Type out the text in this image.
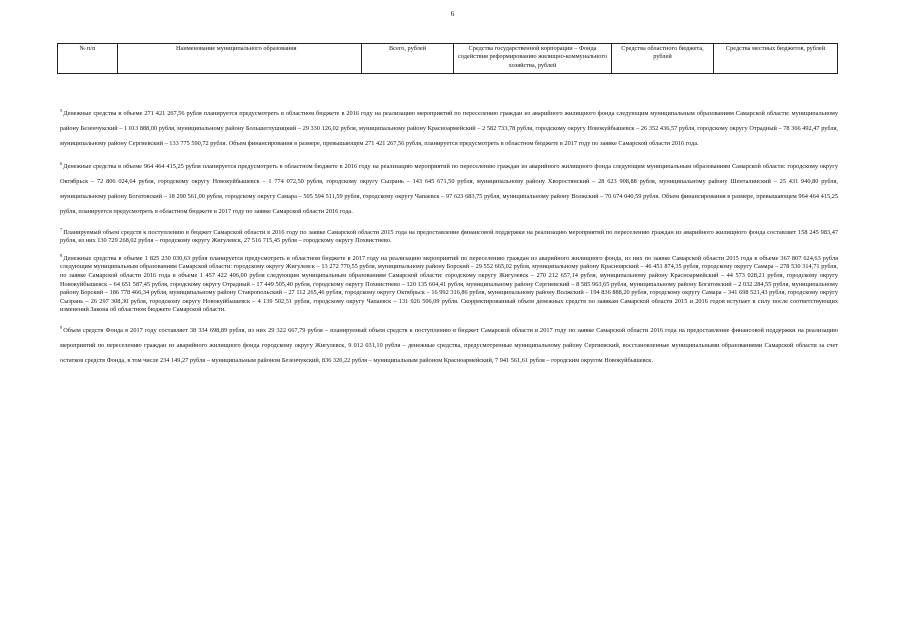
6
№ п/п	Наименование муниципального образования	Всего, рублей	Средства государственной корпорации – Фонда содействия реформированию жилищно-коммунального хозяйства, рублей	Средства областного бюджета, рублей	Средства местных бюджетов, рублей

$^5$Денежные средства в объеме 271 421 267,56 рубля планируется предусмотреть в областном бюджете в 2016 году на реализацию мероприятий по переселению граждан из аварийного жилищного фонда следующим муниципальным образованиям Самарской области: муниципальному району Безенчукский – 1 013 888,00 рубля, муниципальному району Большеглушицкий – 29 330 126,02 рубля, муниципальному району Красноармейский – 2 582 733,78 рубля, городскому округу Новокуйбышевск – 26 352 436,57 рубля, городскому округу Отрадный – 78 366 492,47 рубля, муниципальному району Сергиевский – 133 775 590,72 рубля. Объем финансирования в размере, превышающем 271 421 267,56 рубля, планируется предусмотреть в областном бюджете в 2017 году по заявке Самарской области 2016 года.

$^6$Денежные средства в объеме 964 464 415,25 рубля планируется предусмотреть в областном бюджете в 2016 году на реализацию мероприятий по переселению граждан из аварийного жилищного фонда следующим муниципальным образованиям Самарской области: городскому округу Октябрьск – 72 806 024,64 рубля, городскому округу Новокуйбышевск – 1 774 072,50 рубля, городскому округу Сызрань – 143 645 671,50 рубля, муниципальному району Хворостянский – 28 623 908,88 рубля, муниципальному району Шенталинский – 25 431 940,80 рубля, муниципальному району Богатовский – 18 290 561,00 рубля, городскому округу Самара – 505 594 511,59 рубля, городскому округу Чапаевск – 97 623 683,75 рубля, муниципальному району Волжский – 70 674 040,59 рубля. Объем финансирования в размере, превышающем 964 464 415,25 рубля, планируется предусмотреть в областном бюджете в 2017 году по заявке Самарской области 2016 года.

$^7$Планируемый объем средств к поступлению в бюджет Самарской области в 2016 году по заявке Самарской области 2015 года на предоставление финансовой поддержки на реализацию мероприятий по переселению граждан из аварийного жилищного фонда составляет 158 245 983,47 рубля, из них 130 729 268,02 рубля – городскому округу Жигулевск, 27 516 715,45 рубля – городскому округу Похвистнево.

$^8$Денежные средства в объеме 1 825 230 030,63 рубля планируется предусмотреть в областном бюджете в 2017 году на реализацию мероприятий по переселению граждан из аварийного жилищного фонда, из них по заявке Самарской области 2015 года в объеме 367 807 624,63 рубля следующим муниципальным образованиям Самарской области: городскому округу Жигулевск – 13 272 770,55 рубля, муниципальному району Борский – 29 552 665,02 рубля, муниципальному району Красноярский – 46 451 874,35 рубля, городскому округу Самара – 278 530 314,71 рубля, по заявке Самарской области 2016 года в объеме 1 457 422 406,00 рубля следующим муниципальным образованиям Самарской области: городскому округу Жигулевск – 270 212 657,14 рубля, муниципальному району Красноармейский – 44 573 028,21 рубля, городскому округу Новокуйбышевск – 64 651 587,45 рубля, городскому округу Отрадный – 17 449 505,40 рубля, городскому округу Похвистнево – 120 135 604,41 рубля, муниципальному району Сергиевский – 8 585 963,65 рубля, муниципальному району Богатовский – 2 032 284,55 рубля, муниципальному району Борский – 186 778 466,34 рубля, муниципальному району Ставропольский – 27 112 265,46 рубля, городскому округу Октябрьск – 16 992 316,86 рубля, муниципальному району Волжский – 194 836 888,20 рубля, городскому округу Самара – 341 698 521,43 рубля, городскому округу Сызрань – 26 297 308,30 рубля, городскому округу Новокуйбышевск – 4 139 502,51 рубля, городскому округу Чапаевск – 131 926 506,09 рубля. Скорректированный объем денежных средств по заявкам Самарской области 2015 и 2016 годов вступает в силу после соответствующих изменений Закона об областном бюджете Самарской области.

$^9$Объем средств Фонда в 2017 году составляет 38 334 698,89 рубля, из них 29 322 667,79 рубля – планируемый объем средств к поступлению в бюджет Самарской области в 2017 году по заявке Самарской области 2016 года на предоставление финансовой поддержки на реализацию мероприятий по переселению граждан из аварийного жилищного фонда городскому округу Жигулевск, 9 012 031,10 рубля – денежные средства, предусмотренные муниципальному району Сергиевский, восстановленные муниципальными образованиями Самарской области за счет остатков средств Фонда, в том числе 234 149,27 рубля – муниципальным районом Безенчукский, 836 320,22 рубля – муниципальным районом Красноармейский, 7 941 561,61 рубля – городским округом Новокуйбышевск.
